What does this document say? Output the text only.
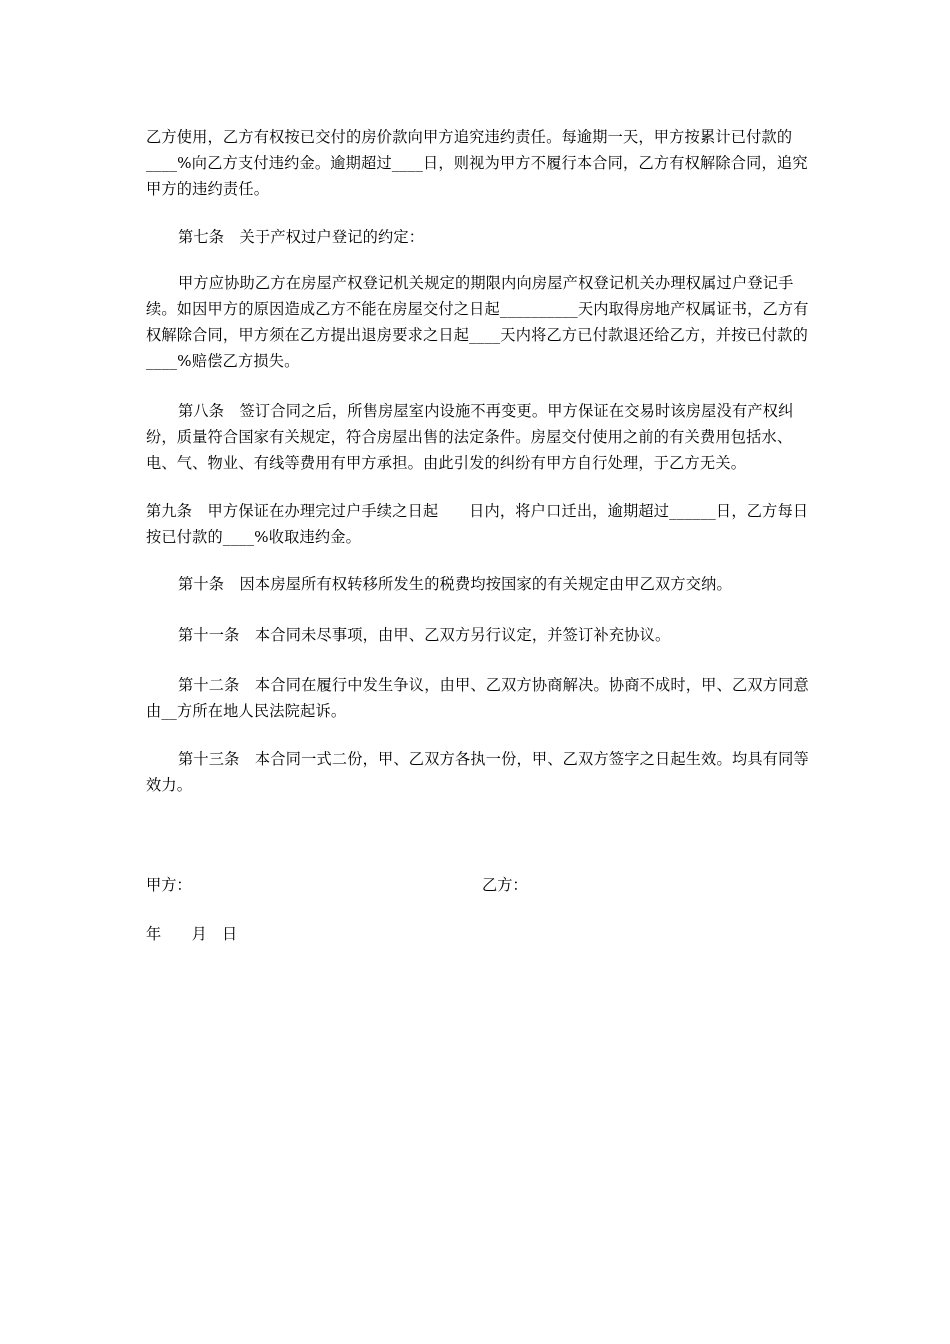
乙方使用，乙方有权按已交付的房价款向甲方追究违约责任。每逾期一天，甲方按累计已付款的____%向乙方支付违约金。逾期超过____日，则视为甲方不履行本合同，乙方有权解除合同，追究甲方的违约责任。

第七条　关于产权过户登记的约定：

甲方应协助乙方在房屋产权登记机关规定的期限内向房屋产权登记机关办理权属过户登记手续。如因甲方的原因造成乙方不能在房屋交付之日起__________天内取得房地产权属证书，乙方有权解除合同，甲方须在乙方提出退房要求之日起____天内将乙方已付款退还给乙方，并按已付款的____%赔偿乙方损失。

第八条　签订合同之后，所售房屋室内设施不再变更。甲方保证在交易时该房屋没有产权纠纷，质量符合国家有关规定，符合房屋出售的法定条件。房屋交付使用之前的有关费用包括水、电、气、物业、有线等费用有甲方承担。由此引发的纠纷有甲方自行处理，于乙方无关。

第九条　甲方保证在办理完过户手续之日起　　日内，将户口迁出，逾期超过______日，乙方每日按已付款的____%收取违约金。

第十条　因本房屋所有权转移所发生的税费均按国家的有关规定由甲乙双方交纳。

第十一条　本合同未尽事项，由甲、乙双方另行议定，并签订补充协议。

第十二条　本合同在履行中发生争议，由甲、乙双方协商解决。协商不成时，甲、乙双方同意由__方所在地人民法院起诉。

第十三条　本合同一式二份，甲、乙双方各执一份，甲、乙双方签字之日起生效。均具有同等效力。

甲方：	乙方：

年　　月　日
